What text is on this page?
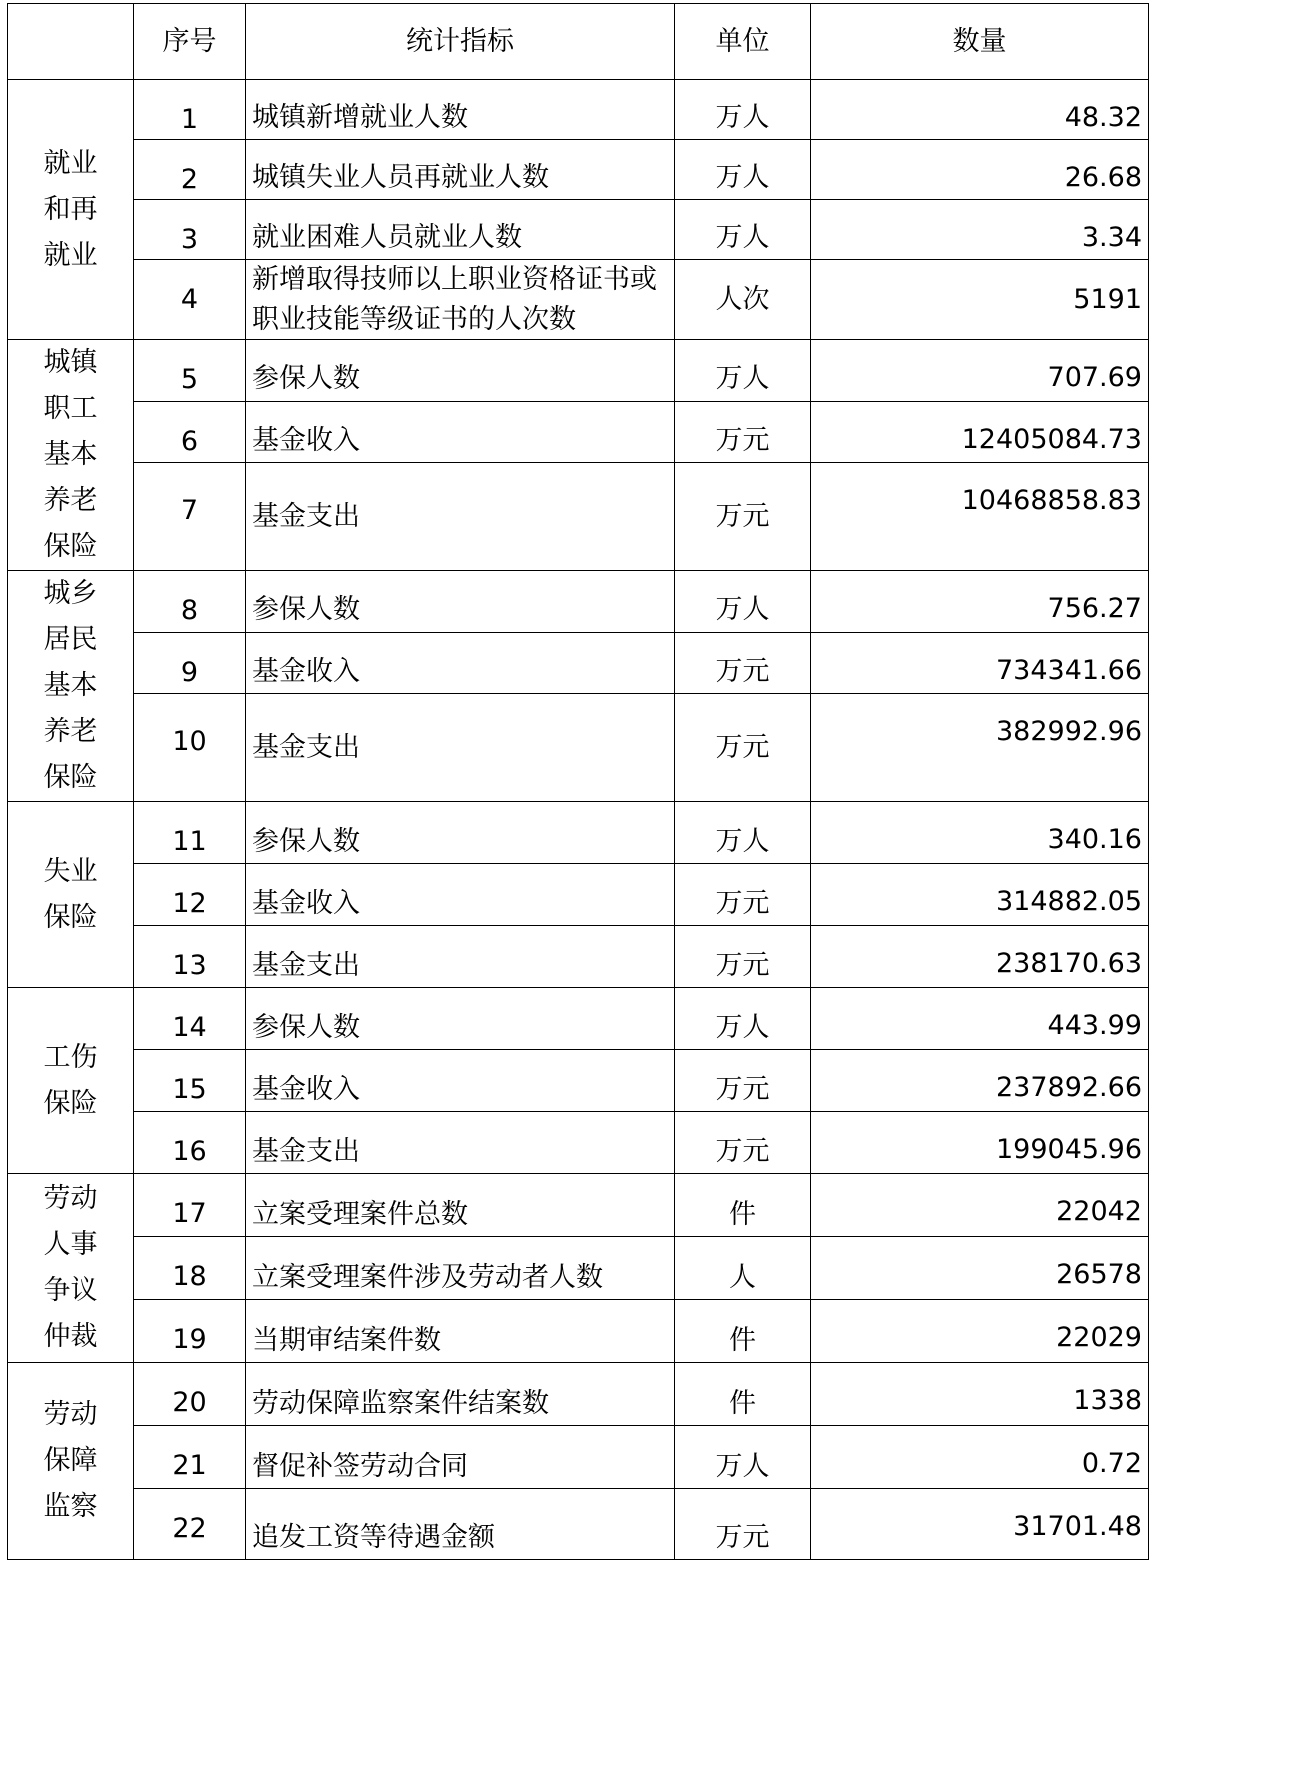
	序号	统计指标	单位	数量
就业和再就业	1	城镇新增就业人数	万人	48.32
	2	城镇失业人员再就业人数	万人	26.68
	3	就业困难人员就业人数	万人	3.34
	4	新增取得技师以上职业资格证书或职业技能等级证书的人次数	人次	5191
城镇职工基本养老保险	5	参保人数	万人	707.69
	6	基金收入	万元	12405084.73
	7	基金支出	万元	10468858.83
城乡居民基本养老保险	8	参保人数	万人	756.27
	9	基金收入	万元	734341.66
	10	基金支出	万元	382992.96
失业保险	11	参保人数	万人	340.16
	12	基金收入	万元	314882.05
	13	基金支出	万元	238170.63
工伤保险	14	参保人数	万人	443.99
	15	基金收入	万元	237892.66
	16	基金支出	万元	199045.96
劳动人事争议仲裁	17	立案受理案件总数	件	22042
	18	立案受理案件涉及劳动者人数	人	26578
	19	当期审结案件数	件	22029
劳动保障监察	20	劳动保障监察案件结案数	件	1338
	21	督促补签劳动合同	万人	0.72
	22	追发工资等待遇金额	万元	31701.48
